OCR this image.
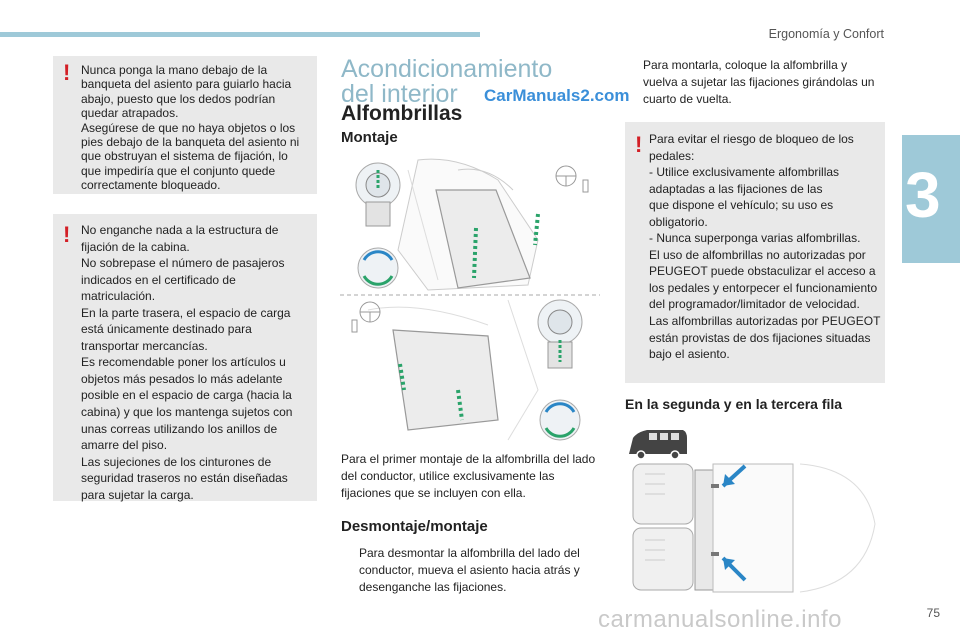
Ergonomía y Confort
3
! Nunca ponga la mano debajo de la banqueta del asiento para guiarlo hacia abajo, puesto que los dedos podrían quedar atrapados.
Asegúrese de que no haya objetos o los pies debajo de la banqueta del asiento ni que obstruyan el sistema de fijación, lo que impediría que el conjunto quede correctamente bloqueado.

! No enganche nada a la estructura de fijación de la cabina.
No sobrepase el número de pasajeros indicados en el certificado de matriculación.
En la parte trasera, el espacio de carga está únicamente destinado para transportar mercancías.
Es recomendable poner los artículos u objetos más pesados lo más adelante posible en el espacio de carga (hacia la cabina) y que los mantenga sujetos con unas correas utilizando los anillos de amarre del piso.
Las sujeciones de los cinturones de seguridad traseros no están diseñadas para sujetar la carga.

Acondicionamiento del interior	CarManuals2.com
Alfombrillas
Montaje
Para el primer montaje de la alfombrilla del lado del conductor, utilice exclusivamente las fijaciones que se incluyen con ella.
Desmontaje/montaje
Para desmontar la alfombrilla del lado del conductor, mueva el asiento hacia atrás y desenganche las fijaciones.
Para montarla, coloque la alfombrilla y vuelva a sujetar las fijaciones girándolas un cuarto de vuelta.
! Para evitar el riesgo de bloqueo de los pedales:
- Utilice exclusivamente alfombrillas
adaptadas a las fijaciones de las
que dispone el vehículo; su uso es
obligatorio.
- Nunca superponga varias alfombrillas.
El uso de alfombrillas no autorizadas por PEUGEOT puede obstaculizar el acceso a los pedales y entorpecer el funcionamiento del programador/limitador de velocidad.
Las alfombrillas autorizadas por PEUGEOT están provistas de dos fijaciones situadas bajo el asiento.

En la segunda y en la tercera fila
75
carmanualsonline.info
